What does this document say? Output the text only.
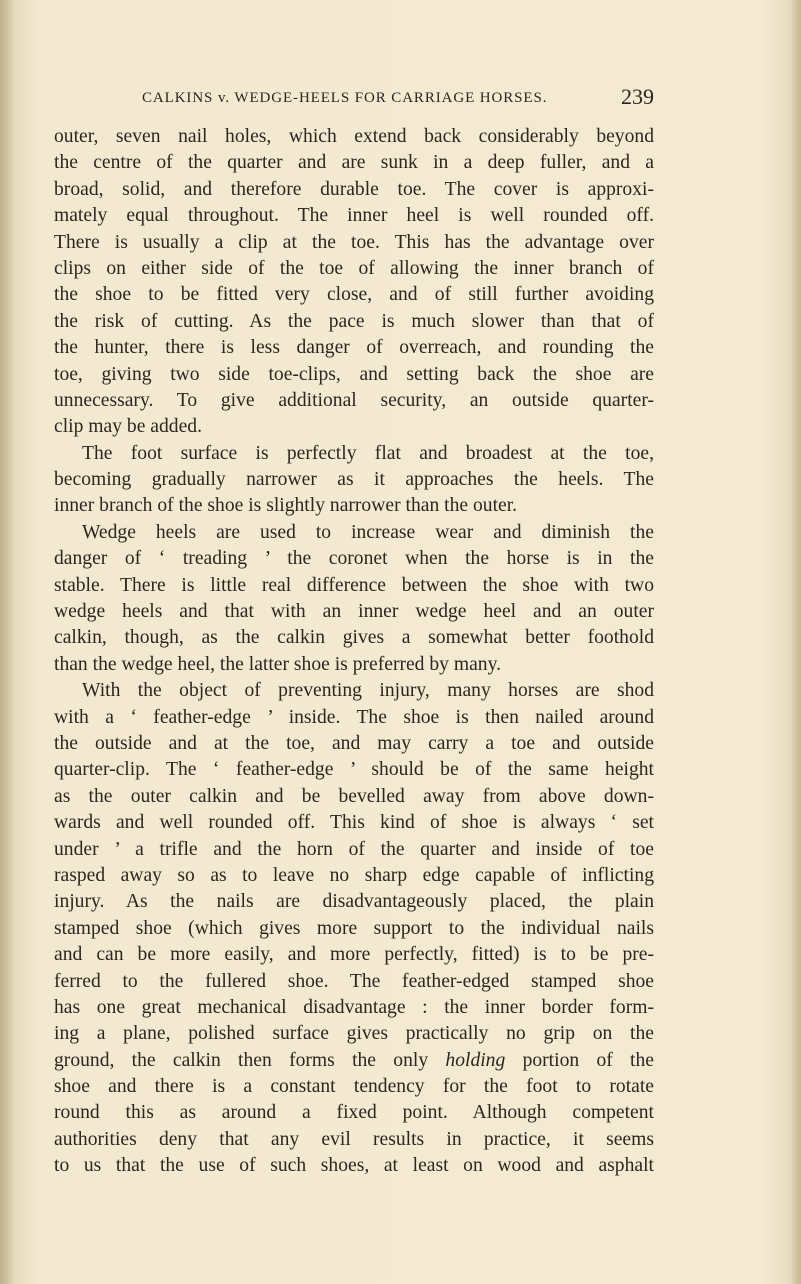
CALKINS v. WEDGE-HEELS FOR CARRIAGE HORSES.	239
outer, seven nail holes, which extend back considerably beyond
the centre of the quarter and are sunk in a deep fuller, and a
broad, solid, and therefore durable toe. The cover is approxi-
mately equal throughout. The inner heel is well rounded off.
There is usually a clip at the toe. This has the advantage over
clips on either side of the toe of allowing the inner branch of
the shoe to be fitted very close, and of still further avoiding
the risk of cutting. As the pace is much slower than that of
the hunter, there is less danger of overreach, and rounding the
toe, giving two side toe-clips, and setting back the shoe are
unnecessary. To give additional security, an outside quarter-
clip may be added.
The foot surface is perfectly flat and broadest at the toe,
becoming gradually narrower as it approaches the heels. The
inner branch of the shoe is slightly narrower than the outer.
Wedge heels are used to increase wear and diminish the
danger of ‘ treading ’ the coronet when the horse is in the
stable. There is little real difference between the shoe with two
wedge heels and that with an inner wedge heel and an outer
calkin, though, as the calkin gives a somewhat better foothold
than the wedge heel, the latter shoe is preferred by many.
With the object of preventing injury, many horses are shod
with a ‘ feather-edge ’ inside. The shoe is then nailed around
the outside and at the toe, and may carry a toe and outside
quarter-clip. The ‘ feather-edge ’ should be of the same height
as the outer calkin and be bevelled away from above down-
wards and well rounded off. This kind of shoe is always ‘ set
under ’ a trifle and the horn of the quarter and inside of toe
rasped away so as to leave no sharp edge capable of inflicting
injury. As the nails are disadvantageously placed, the plain
stamped shoe (which gives more support to the individual nails
and can be more easily, and more perfectly, fitted) is to be pre-
ferred to the fullered shoe. The feather-edged stamped shoe
has one great mechanical disadvantage : the inner border form-
ing a plane, polished surface gives practically no grip on the
ground, the calkin then forms the only holding portion of the
shoe and there is a constant tendency for the foot to rotate
round this as around a fixed point. Although competent
authorities deny that any evil results in practice, it seems
to us that the use of such shoes, at least on wood and asphalt
